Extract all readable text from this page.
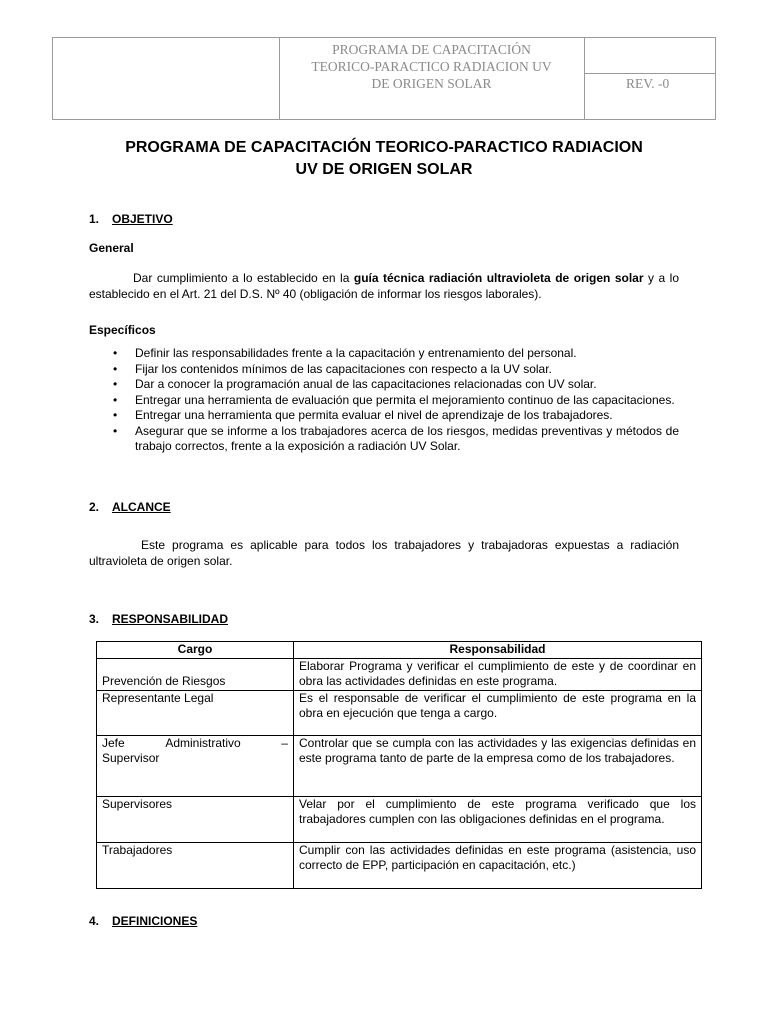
PROGRAMA DE CAPACITACIÓN
TEORICO-PARACTICO RADIACION UV
DE ORIGEN SOLAR	REV. -0
PROGRAMA DE CAPACITACIÓN TEORICO-PARACTICO RADIACION
UV DE ORIGEN SOLAR
1. OBJETIVO
General
Dar cumplimiento a lo establecido en la guía técnica radiación ultravioleta de origen solar y a lo establecido en el Art. 21 del D.S. Nº 40 (obligación de informar los riesgos laborales).
Específicos
• Definir las responsabilidades frente a la capacitación y entrenamiento del personal.
• Fijar los contenidos mínimos de las capacitaciones con respecto a la UV solar.
• Dar a conocer la programación anual de las capacitaciones relacionadas con UV solar.
• Entregar una herramienta de evaluación que permita el mejoramiento continuo de las capacitaciones.
• Entregar una herramienta que permita evaluar el nivel de aprendizaje de los trabajadores.
• Asegurar que se informe a los trabajadores acerca de los riesgos, medidas preventivas y métodos de trabajo correctos, frente a la exposición a radiación UV Solar.
2. ALCANCE
Este programa es aplicable para todos los trabajadores y trabajadoras expuestas a radiación ultravioleta de origen solar.
3. RESPONSABILIDAD
Cargo	Responsabilidad
Prevención de Riesgos	Elaborar Programa y verificar el cumplimiento de este y de coordinar en obra las actividades definidas en este programa.
Representante Legal	Es el responsable de verificar el cumplimiento de este programa en la obra en ejecución que tenga a cargo.

Jefe Administrativo –
Supervisor	Controlar que se cumpla con las actividades y las exigencias definidas en este programa tanto de parte de la empresa como de los trabajadores.
Supervisores	Velar por el cumplimiento de este programa verificado que los trabajadores cumplen con las obligaciones definidas en el programa.
Trabajadores	Cumplir con las actividades definidas en este programa (asistencia, uso correcto de EPP, participación en capacitación, etc.)
4. DEFINICIONES
